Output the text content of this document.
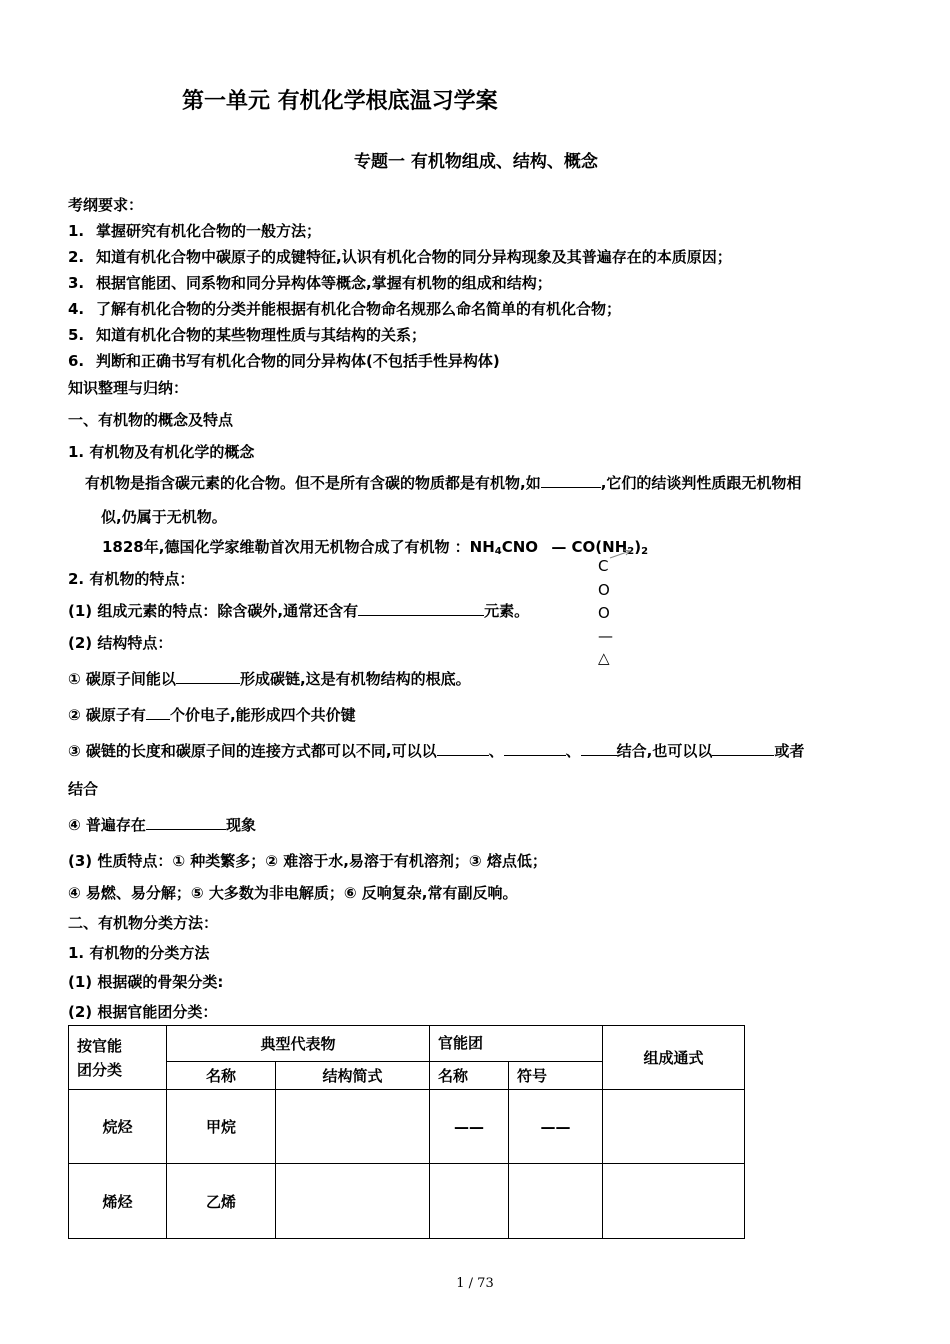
第一单元 有机化学根底温习学案
专题一 有机物组成、结构、概念
考纲要求：
1. 掌握研究有机化合物的一般方法；
2. 知道有机化合物中碳原子的成键特征,认识有机化合物的同分异构现象及其普遍存在的本质原因；
3. 根据官能团、同系物和同分异构体等概念,掌握有机物的组成和结构；
4. 了解有机化合物的分类并能根据有机化合物命名规那么命名简单的有机化合物；
5. 知道有机化合物的某些物理性质与其结构的关系；
6. 判断和正确书写有机化合物的同分异构体(不包括手性异构体)
知识整理与归纳：
一、有机物的概念及特点
1. 有机物及有机化学的概念
有机物是指含碳元素的化合物。但不是所有含碳的物质都是有机物,如	,它们的结谈判性质跟无机物相
似,仍属于无机物。
1828年,德国化学家维勒首次用无机物合成了有机物 ：$NH_4CNO$ — $CO(NH_2)_2$
C
O
O
—
△
2. 有机物的特点：
(1) 组成元素的特点：除含碳外,通常还含有	元素。
(2) 结构特点：
① 碳原子间能以	形成碳链,这是有机物结构的根底。
② 碳原子有 个价电子,能形成四个共价键
③ 碳链的长度和碳原子间的连接方式都可以不同,可以以	、	、 结合,也可以以	或者
结合
④ 普遍存在	现象
(3) 性质特点：① 种类繁多；② 难溶于水,易溶于有机溶剂；③ 熔点低；
④ 易燃、易分解；⑤ 大多数为非电解质；⑥ 反响复杂,常有副反响。
二、有机物分类方法：
1. 有机物的分类方法
(1) 根据碳的骨架分类:
(2) 根据官能团分类：
按官能
团分类	典型代表物		官能团		组成通式
	名称	结构简式	名称	符号	
烷烃	甲烷		——	——	
烯烃	乙烯				
1 / 73
